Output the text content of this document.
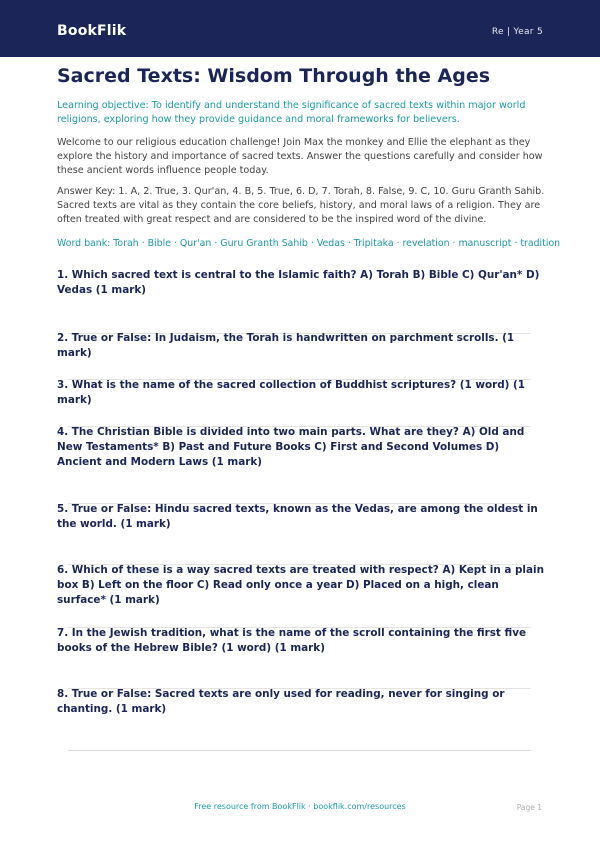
BookFlik	Re | Year 5
Sacred Texts: Wisdom Through the Ages
Learning objective: To identify and understand the significance of sacred texts within major world religions, exploring how they provide guidance and moral frameworks for believers.
Welcome to our religious education challenge! Join Max the monkey and Ellie the elephant as they explore the history and importance of sacred texts. Answer the questions carefully and consider how these ancient words influence people today.
Answer Key: 1. A, 2. True, 3. Qur'an, 4. B, 5. True, 6. D, 7. Torah, 8. False, 9. C, 10. Guru Granth Sahib. Sacred texts are vital as they contain the core beliefs, history, and moral laws of a religion. They are often treated with great respect and are considered to be the inspired word of the divine.
Word bank: Torah · Bible · Qur'an · Guru Granth Sahib · Vedas · Tripitaka · revelation · manuscript · tradition
1. Which sacred text is central to the Islamic faith? A) Torah B) Bible C) Qur'an* D) Vedas (1 mark)
2. True or False: In Judaism, the Torah is handwritten on parchment scrolls. (1 mark)
3. What is the name of the sacred collection of Buddhist scriptures? (1 word) (1 mark)
4. The Christian Bible is divided into two main parts. What are they? A) Old and New Testaments* B) Past and Future Books C) First and Second Volumes D) Ancient and Modern Laws (1 mark)
5. True or False: Hindu sacred texts, known as the Vedas, are among the oldest in the world. (1 mark)
6. Which of these is a way sacred texts are treated with respect? A) Kept in a plain box B) Left on the floor C) Read only once a year D) Placed on a high, clean surface* (1 mark)
7. In the Jewish tradition, what is the name of the scroll containing the first five books of the Hebrew Bible? (1 word) (1 mark)
8. True or False: Sacred texts are only used for reading, never for singing or chanting. (1 mark)
Free resource from BookFlik · bookflik.com/resources	Page 1
